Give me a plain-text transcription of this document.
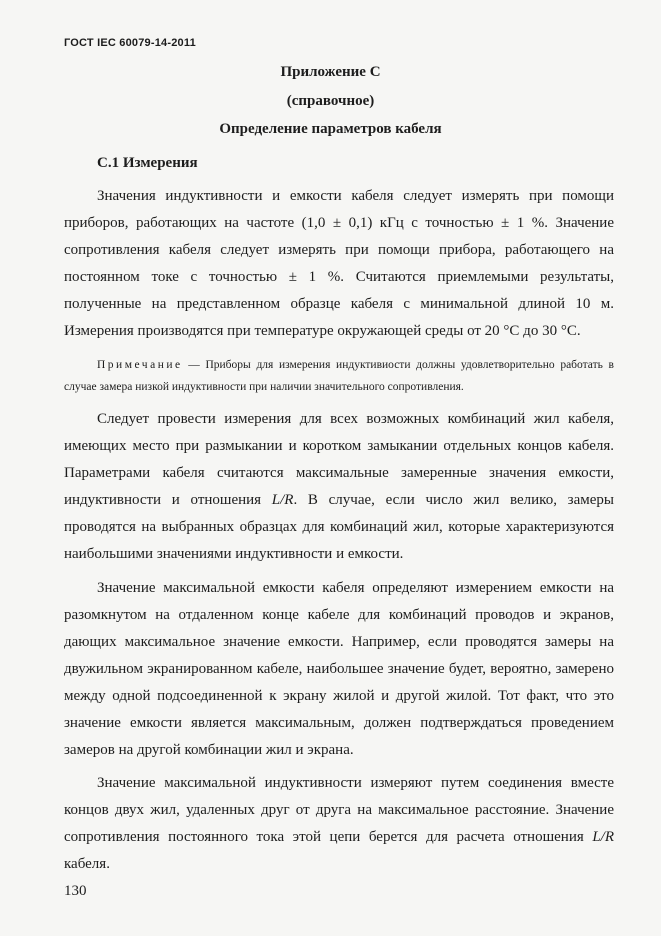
ГОСТ IEC 60079-14-2011
Приложение С
(справочное)
Определение параметров кабеля
С.1 Измерения

Значения индуктивности и емкости кабеля следует измерять при помощи приборов, работающих на частоте (1,0 ± 0,1) кГц с точностью ± 1 %. Значение сопротивления кабеля следует измерять при помощи прибора, работающего на постоянном токе с точностью ± 1 %. Считаются приемлемыми результаты, полученные на представленном образце кабеля с минимальной длиной 10 м. Измерения производятся при температуре окружающей среды от 20 °С до 30 °С.

Примечание — Приборы для измерения индуктивиости должны удовлетворительно работать в случае замера низкой индуктивности при наличии значительного сопротивления.

Следует провести измерения для всех возможных комбинаций жил кабеля, имеющих место при размыкании и коротком замыкании отдельных концов кабеля. Параметрами кабеля считаются максимальные замеренные значения емкости, индуктивности и отношения L/R. В случае, если число жил велико, замеры проводятся на выбранных образцах для комбинаций жил, которые характеризуются наибольшими значениями индуктивности и емкости.

Значение максимальной емкости кабеля определяют измерением емкости на разомкнутом на отдаленном конце кабеле для комбинаций проводов и экранов, дающих максимальное значение емкости. Например, если проводятся замеры на двужильном экранированном кабеле, наибольшее значение будет, вероятно, замерено между одной подсоединенной к экрану жилой и другой жилой. Тот факт, что это значение емкости является максимальным, должен подтверждаться проведением замеров на другой комбинации жил и экрана.

Значение максимальной индуктивности измеряют путем соединения вместе концов двух жил, удаленных друг от друга на максимальное расстояние. Значение сопротивления постоянного тока этой цепи берется для расчета отношения L/R кабеля.

130
